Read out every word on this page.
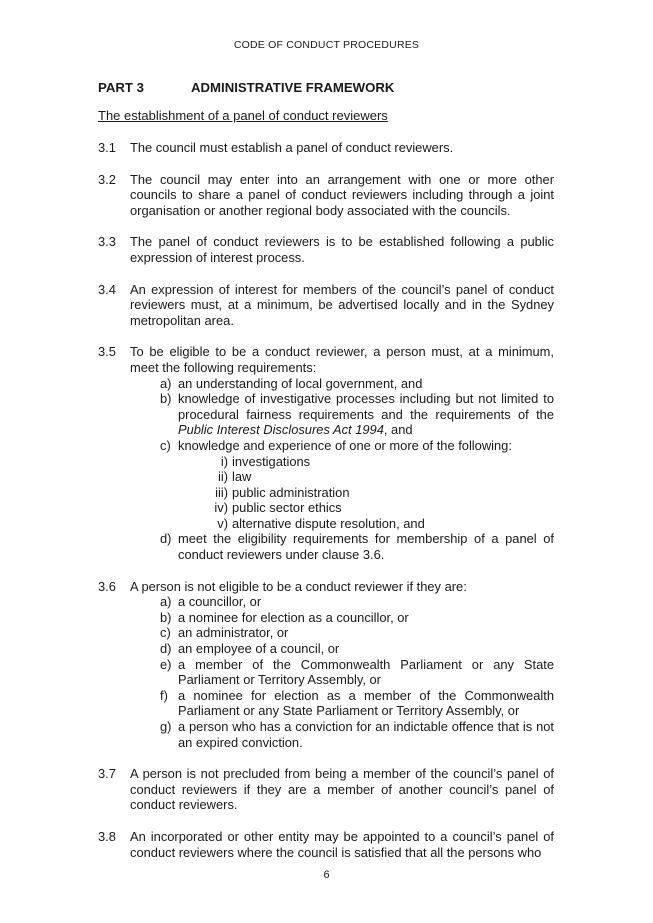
CODE OF CONDUCT PROCEDURES
PART 3	ADMINISTRATIVE FRAMEWORK
The establishment of a panel of conduct reviewers
3.1 The council must establish a panel of conduct reviewers.
3.2 The council may enter into an arrangement with one or more other councils to share a panel of conduct reviewers including through a joint organisation or another regional body associated with the councils.
3.3 The panel of conduct reviewers is to be established following a public expression of interest process.
3.4 An expression of interest for members of the council’s panel of conduct reviewers must, at a minimum, be advertised locally and in the Sydney metropolitan area.
3.5 To be eligible to be a conduct reviewer, a person must, at a minimum, meet the following requirements:
a) an understanding of local government, and
b) knowledge of investigative processes including but not limited to procedural fairness requirements and the requirements of the Public Interest Disclosures Act 1994, and
c) knowledge and experience of one or more of the following:
i) investigations
ii) law
iii) public administration
iv) public sector ethics
v) alternative dispute resolution, and
d) meet the eligibility requirements for membership of a panel of conduct reviewers under clause 3.6.
3.6 A person is not eligible to be a conduct reviewer if they are:
a) a councillor, or
b) a nominee for election as a councillor, or
c) an administrator, or
d) an employee of a council, or
e) a member of the Commonwealth Parliament or any State Parliament or Territory Assembly, or
f) a nominee for election as a member of the Commonwealth Parliament or any State Parliament or Territory Assembly, or
g) a person who has a conviction for an indictable offence that is not an expired conviction.
3.7 A person is not precluded from being a member of the council’s panel of conduct reviewers if they are a member of another council’s panel of conduct reviewers.
3.8 An incorporated or other entity may be appointed to a council’s panel of conduct reviewers where the council is satisfied that all the persons who
6
